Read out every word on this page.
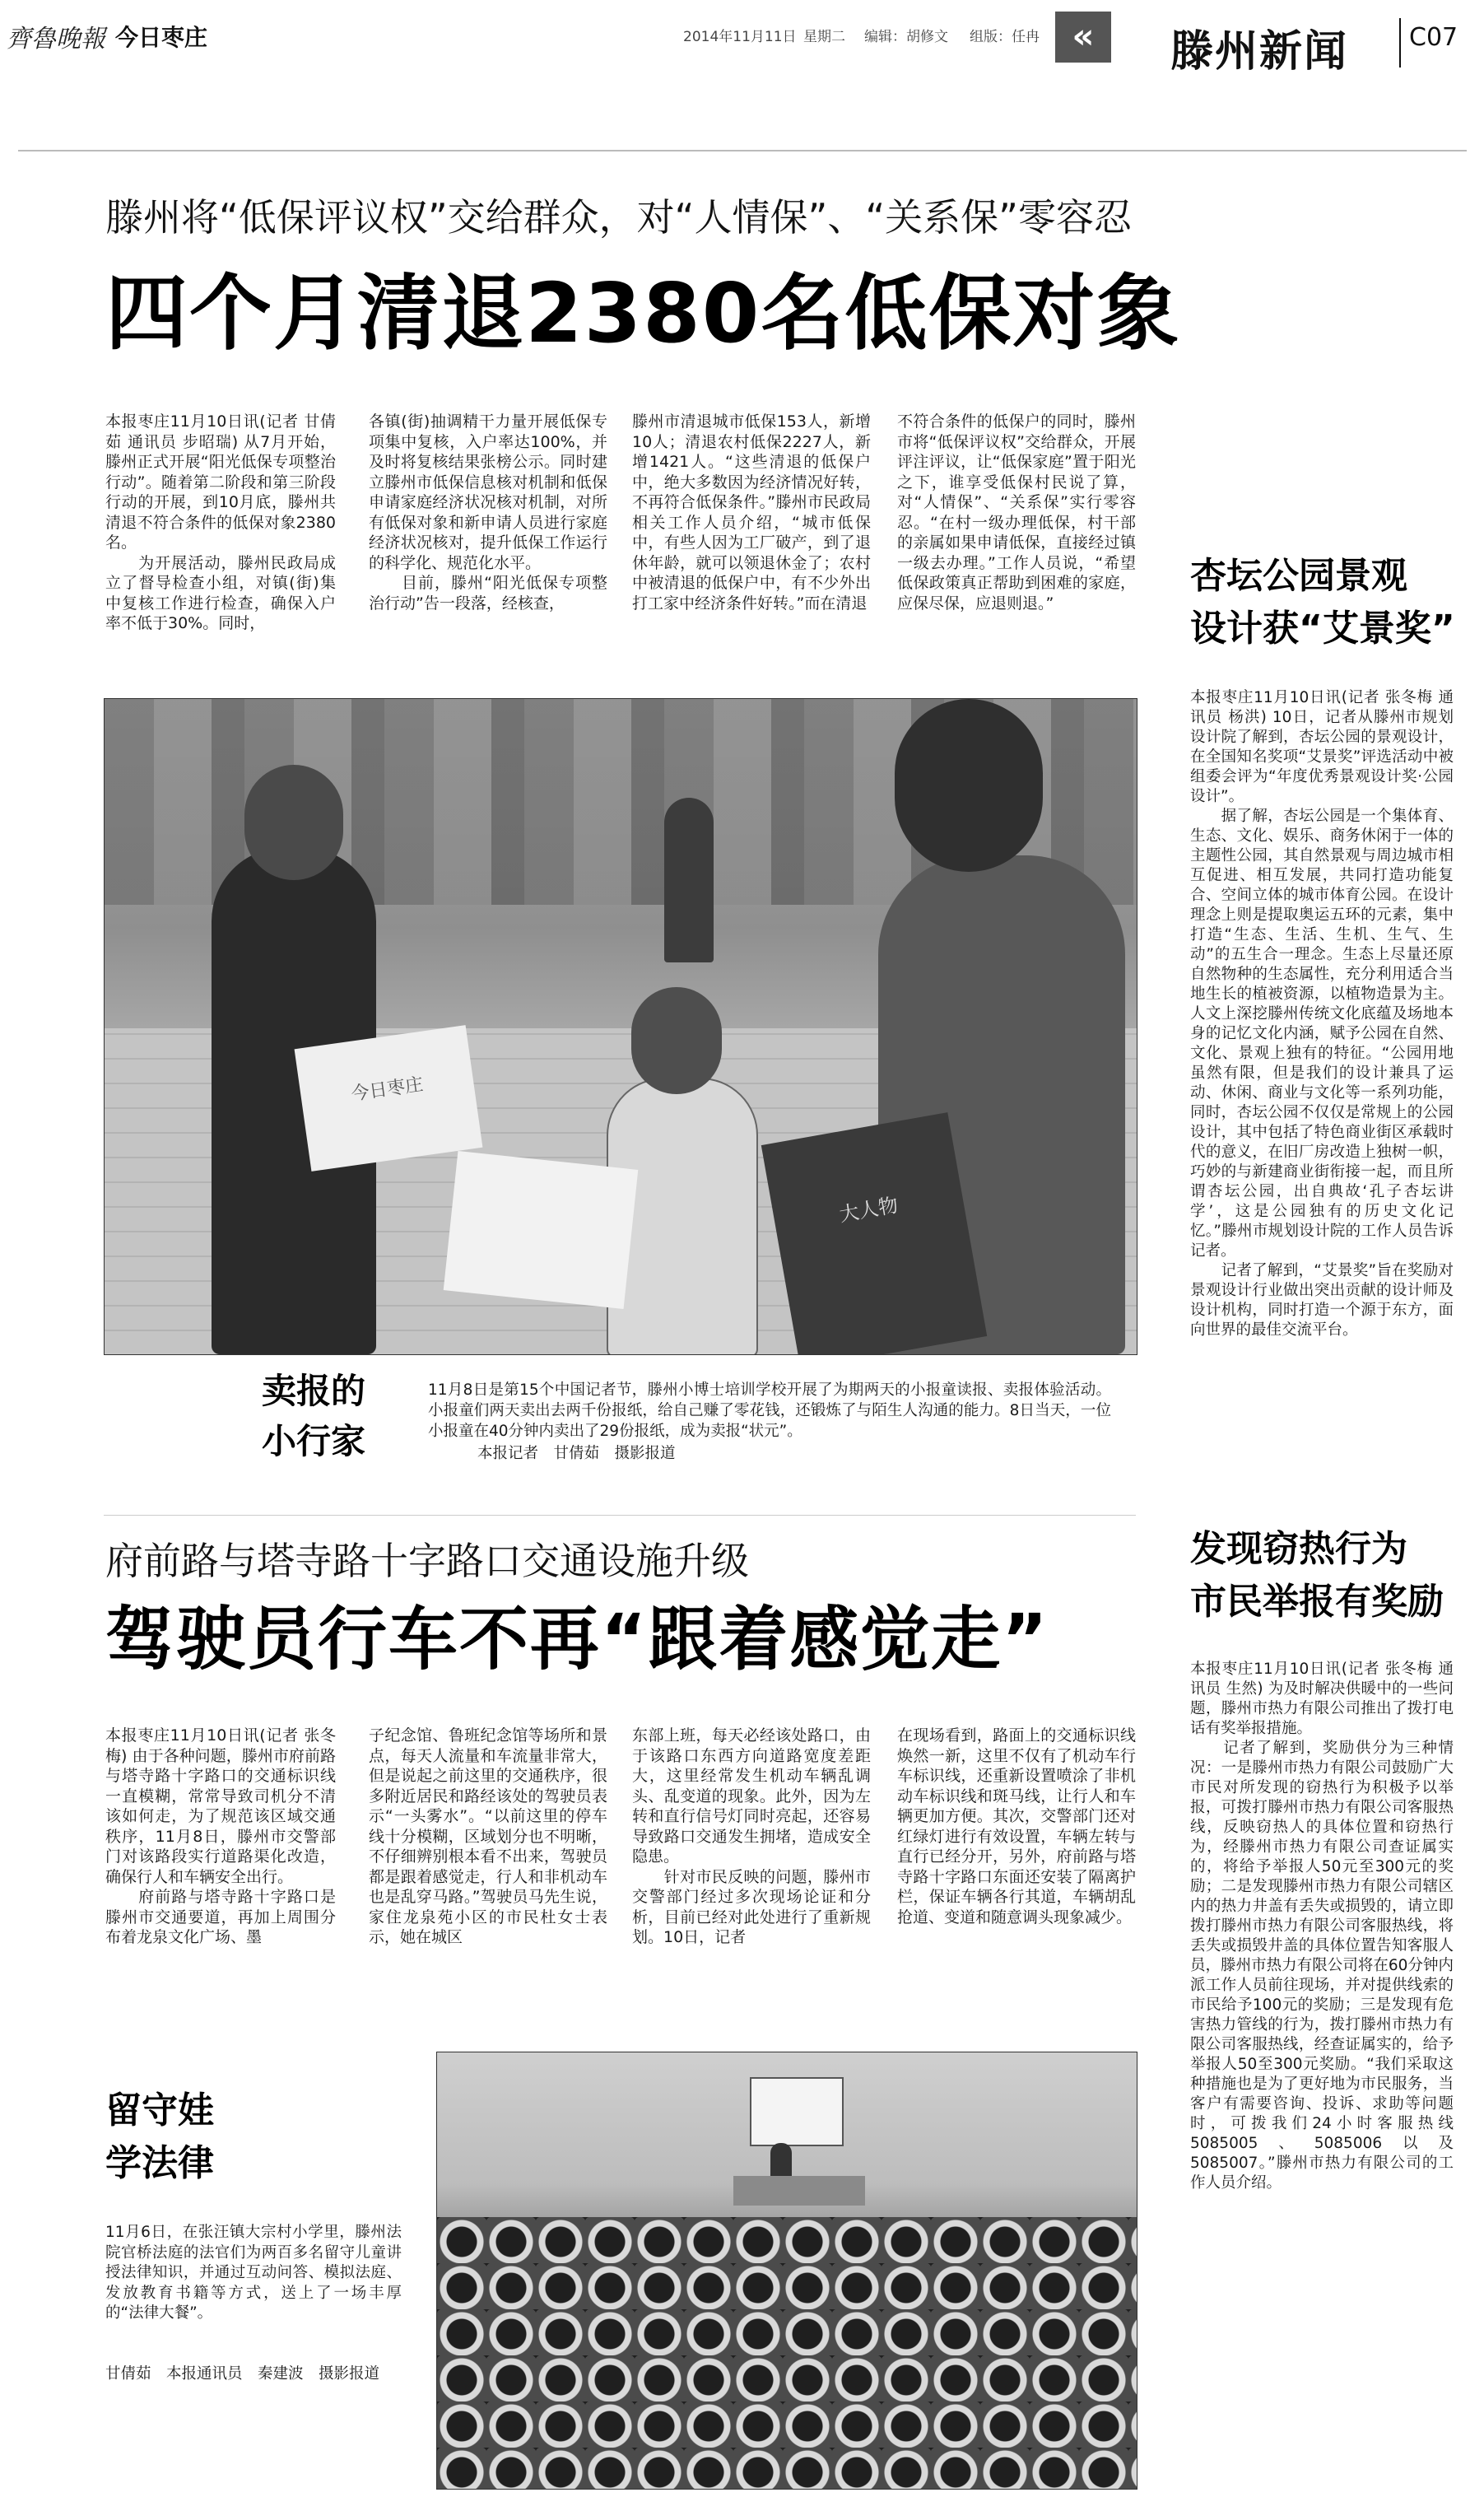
齊魯晚報 今日枣庄	2014年11月11日 星期二 编辑：胡修文 组版：任冉 «	滕州新闻 C07
滕州将“低保评议权”交给群众，对“人情保”、“关系保”零容忍
四个月清退2380名低保对象
本报枣庄11月10日讯(记者 甘倩茹 通讯员 步昭瑞) 从7月开始，滕州正式开展“阳光低保专项整治行动”。随着第二阶段和第三阶段行动的开展，到10月底，滕州共清退不符合条件的低保对象2380名。
　　为开展活动，滕州民政局成立了督导检查小组，对镇(街)集中复核工作进行检查，确保入户率不低于30%。同时，
各镇(街)抽调精干力量开展低保专项集中复核，入户率达100%，并及时将复核结果张榜公示。同时建立滕州市低保信息核对机制和低保申请家庭经济状况核对机制，对所有低保对象和新申请人员进行家庭经济状况核对，提升低保工作运行的科学化、规范化水平。
　　目前，滕州“阳光低保专项整治行动”告一段落，经核查，
滕州市清退城市低保153人，新增10人；清退农村低保2227人，新增1421人。“这些清退的低保户中，绝大多数因为经济情况好转，不再符合低保条件。”滕州市民政局相关工作人员介绍，“城市低保中，有些人因为工厂破产，到了退休年龄，就可以领退休金了；农村中被清退的低保户中，有不少外出打工家中经济条件好转。”而在清退
不符合条件的低保户的同时，滕州市将“低保评议权”交给群众，开展评注评议，让“低保家庭”置于阳光之下，谁享受低保村民说了算，对“人情保”、“关系保”实行零容忍。“在村一级办理低保，村干部的亲属如果申请低保，直接经过镇一级去办理。”工作人员说，“希望低保政策真正帮助到困难的家庭，应保尽保，应退则退。”
今日枣庄
大人物
卖报的
小行家
11月8日是第15个中国记者节，滕州小博士培训学校开展了为期两天的小报童读报、卖报体验活动。小报童们两天卖出去两千份报纸，给自己赚了零花钱，还锻炼了与陌生人沟通的能力。8日当天，一位小报童在40分钟内卖出了29份报纸，成为卖报“状元”。
本报记者　甘倩茹　摄影报道
杏坛公园景观
设计获“艾景奖”
本报枣庄11月10日讯(记者 张冬梅 通讯员 杨洪) 10日，记者从滕州市规划设计院了解到，杏坛公园的景观设计，在全国知名奖项“艾景奖”评选活动中被组委会评为“年度优秀景观设计奖·公园设计”。
　　据了解，杏坛公园是一个集体育、生态、文化、娱乐、商务休闲于一体的主题性公园，其自然景观与周边城市相互促进、相互发展，共同打造功能复合、空间立体的城市体育公园。在设计理念上则是提取奥运五环的元素，集中打造“生态、生活、生机、生气、生动”的五生合一理念。生态上尽量还原自然物种的生态属性，充分利用适合当地生长的植被资源，以植物造景为主。人文上深挖滕州传统文化底蕴及场地本身的记忆文化内涵，赋予公园在自然、文化、景观上独有的特征。“公园用地虽然有限，但是我们的设计兼具了运动、休闲、商业与文化等一系列功能，同时，杏坛公园不仅仅是常规上的公园设计，其中包括了特色商业街区承载时代的意义，在旧厂房改造上独树一帜，巧妙的与新建商业街衔接一起，而且所谓杏坛公园，出自典故‘孔子杏坛讲学’，这是公园独有的历史文化记忆。”滕州市规划设计院的工作人员告诉记者。
　　记者了解到，“艾景奖”旨在奖励对景观设计行业做出突出贡献的设计师及设计机构，同时打造一个源于东方，面向世界的最佳交流平台。
府前路与塔寺路十字路口交通设施升级
驾驶员行车不再“跟着感觉走”
本报枣庄11月10日讯(记者 张冬梅) 由于各种问题，滕州市府前路与塔寺路十字路口的交通标识线一直模糊，常常导致司机分不清该如何走，为了规范该区域交通秩序，11月8日，滕州市交警部门对该路段实行道路渠化改造，确保行人和车辆安全出行。
　　府前路与塔寺路十字路口是滕州市交通要道，再加上周围分布着龙泉文化广场、墨
子纪念馆、鲁班纪念馆等场所和景点，每天人流量和车流量非常大，但是说起之前这里的交通秩序，很多附近居民和路经该处的驾驶员表示“一头雾水”。“以前这里的停车线十分模糊，区域划分也不明晰，不仔细辨别根本看不出来，驾驶员都是跟着感觉走，行人和非机动车也是乱穿马路。”驾驶员马先生说，家住龙泉苑小区的市民杜女士表示，她在城区
东部上班，每天必经该处路口，由于该路口东西方向道路宽度差距大，这里经常发生机动车辆乱调头、乱变道的现象。此外，因为左转和直行信号灯同时亮起，还容易导致路口交通发生拥堵，造成安全隐患。
　　针对市民反映的问题，滕州市交警部门经过多次现场论证和分析，目前已经对此处进行了重新规划。10日，记者
在现场看到，路面上的交通标识线焕然一新，这里不仅有了机动车行车标识线，还重新设置喷涂了非机动车标识线和斑马线，让行人和车辆更加方便。其次，交警部门还对红绿灯进行有效设置，车辆左转与直行已经分开，另外，府前路与塔寺路十字路口东面还安装了隔离护栏，保证车辆各行其道，车辆胡乱抢道、变道和随意调头现象减少。
发现窃热行为
市民举报有奖励
本报枣庄11月10日讯(记者 张冬梅 通讯员 生然) 为及时解决供暖中的一些问题，滕州市热力有限公司推出了拨打电话有奖举报措施。
　　记者了解到，奖励供分为三种情况：一是滕州市热力有限公司鼓励广大市民对所发现的窃热行为积极予以举报，可拨打滕州市热力有限公司客服热线，反映窃热人的具体位置和窃热行为，经滕州市热力有限公司查证属实的，将给予举报人50元至300元的奖励；二是发现滕州市热力有限公司辖区内的热力井盖有丢失或损毁的，请立即拨打滕州市热力有限公司客服热线，将丢失或损毁井盖的具体位置告知客服人员，滕州市热力有限公司将在60分钟内派工作人员前往现场，并对提供线索的市民给予100元的奖励；三是发现有危害热力管线的行为，拨打滕州市热力有限公司客服热线，经查证属实的，给予举报人50至300元奖励。“我们采取这种措施也是为了更好地为市民服务，当客户有需要咨询、投诉、求助等问题时，可拨我们24小时客服热线5085005、5085006以及5085007。”滕州市热力有限公司的工作人员介绍。
留守娃
学法律
11月6日，在张汪镇大宗村小学里，滕州法院官桥法庭的法官们为两百多名留守儿童讲授法律知识，并通过互动问答、模拟法庭、发放教育书籍等方式，送上了一场丰厚的“法律大餐”。
甘倩茹　本报通讯员　秦建波　摄影报道
